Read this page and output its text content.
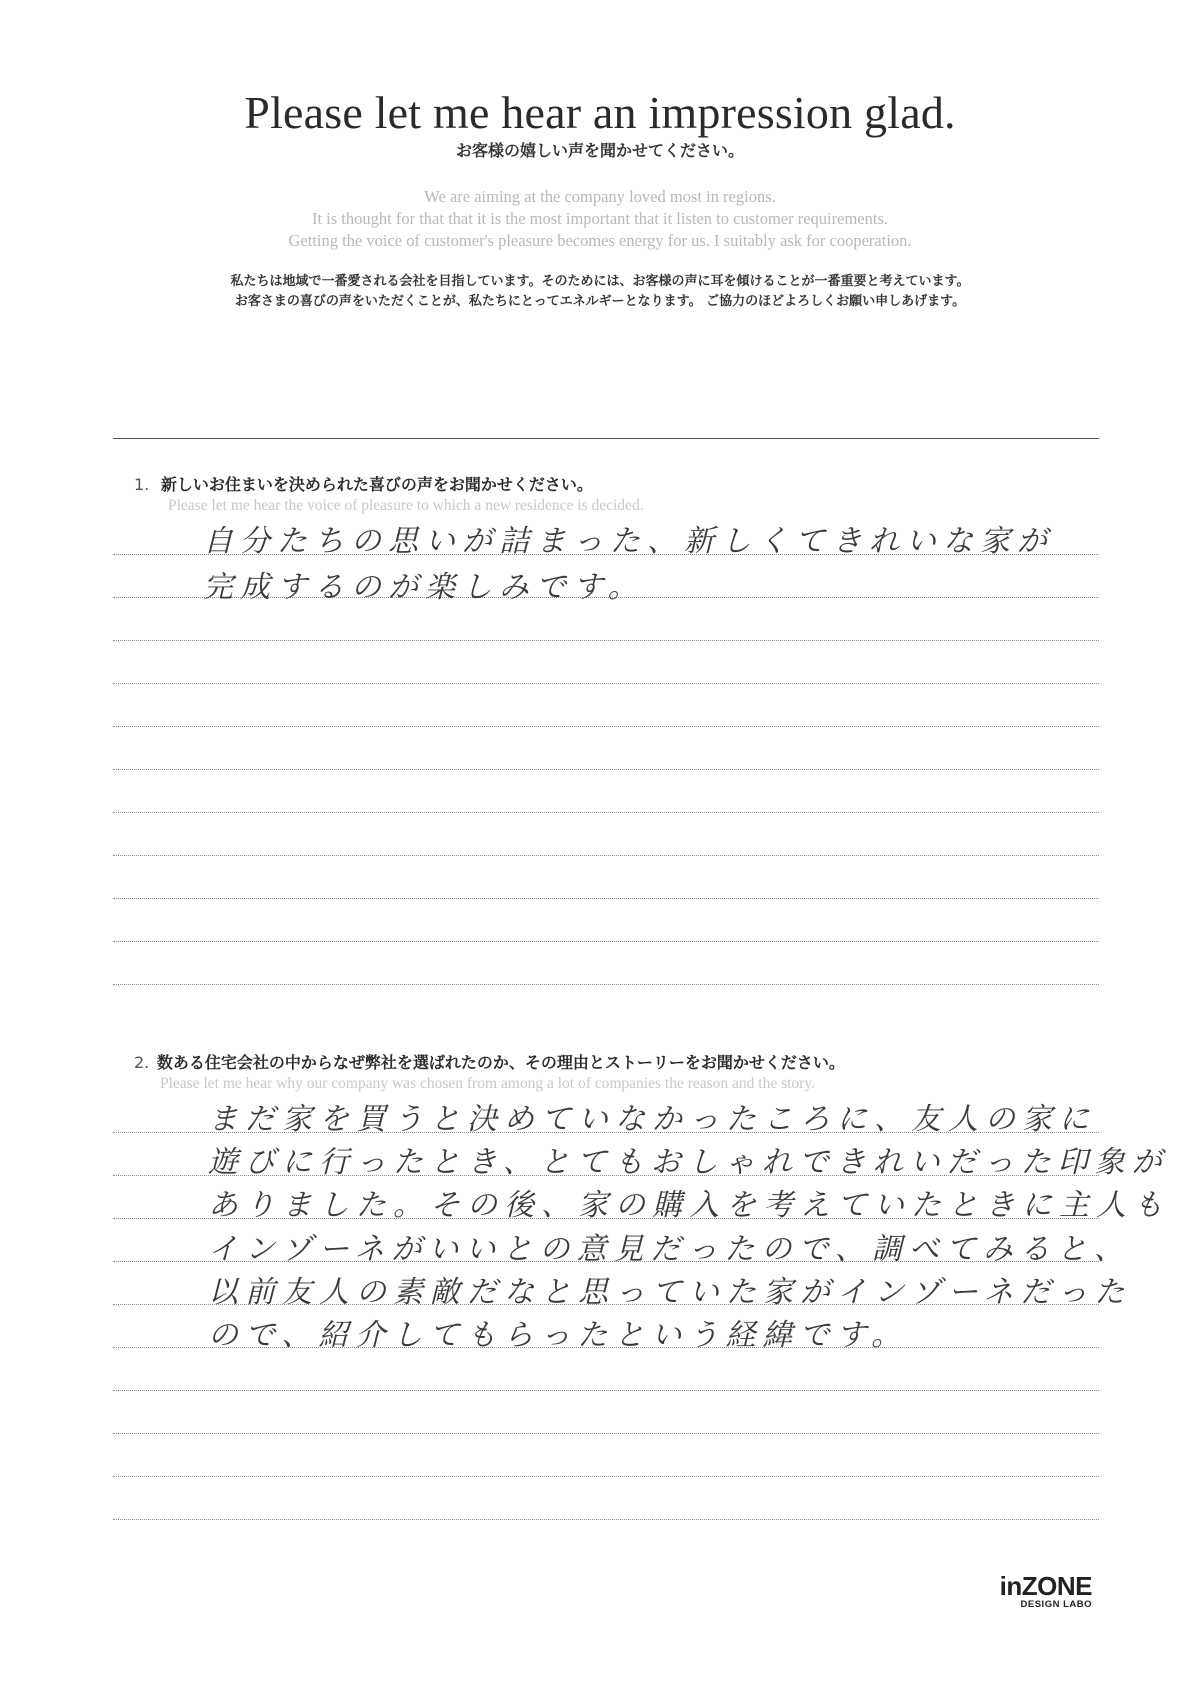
Please let me hear an impression glad.
お客様の嬉しい声を聞かせてください。
We are aiming at the company loved most in regions.
It is thought for that that it is the most important that it listen to customer requirements.
Getting the voice of customer's pleasure becomes energy for us. I suitably ask for cooperation.
私たちは地域で一番愛される会社を目指しています。そのためには、お客様の声に耳を傾けることが一番重要と考えています。
お客さまの喜びの声をいただくことが、私たちにとってエネルギーとなります。 ご協力のほどよろしくお願い申しあげます。
1. 新しいお住まいを決められた喜びの声をお聞かせください。
Please let me hear the voice of pleasure to which a new residence is decided.
自分たちの思いが詰まった、新しくてきれいな家が
完成するのが楽しみです。
2. 数ある住宅会社の中からなぜ弊社を選ばれたのか、その理由とストーリーをお聞かせください。
Please let me hear why our company was chosen from among a lot of companies the reason and the story.
まだ家を買うと決めていなかったころに、友人の家に
遊びに行ったとき、とてもおしゃれできれいだった印象が
ありました。その後、家の購入を考えていたときに主人も
インゾーネがいいとの意見だったので、調べてみると、
以前友人の素敵だなと思っていた家がインゾーネだった
ので、紹介してもらったという経緯です。
inZONE
DESIGN LABO
